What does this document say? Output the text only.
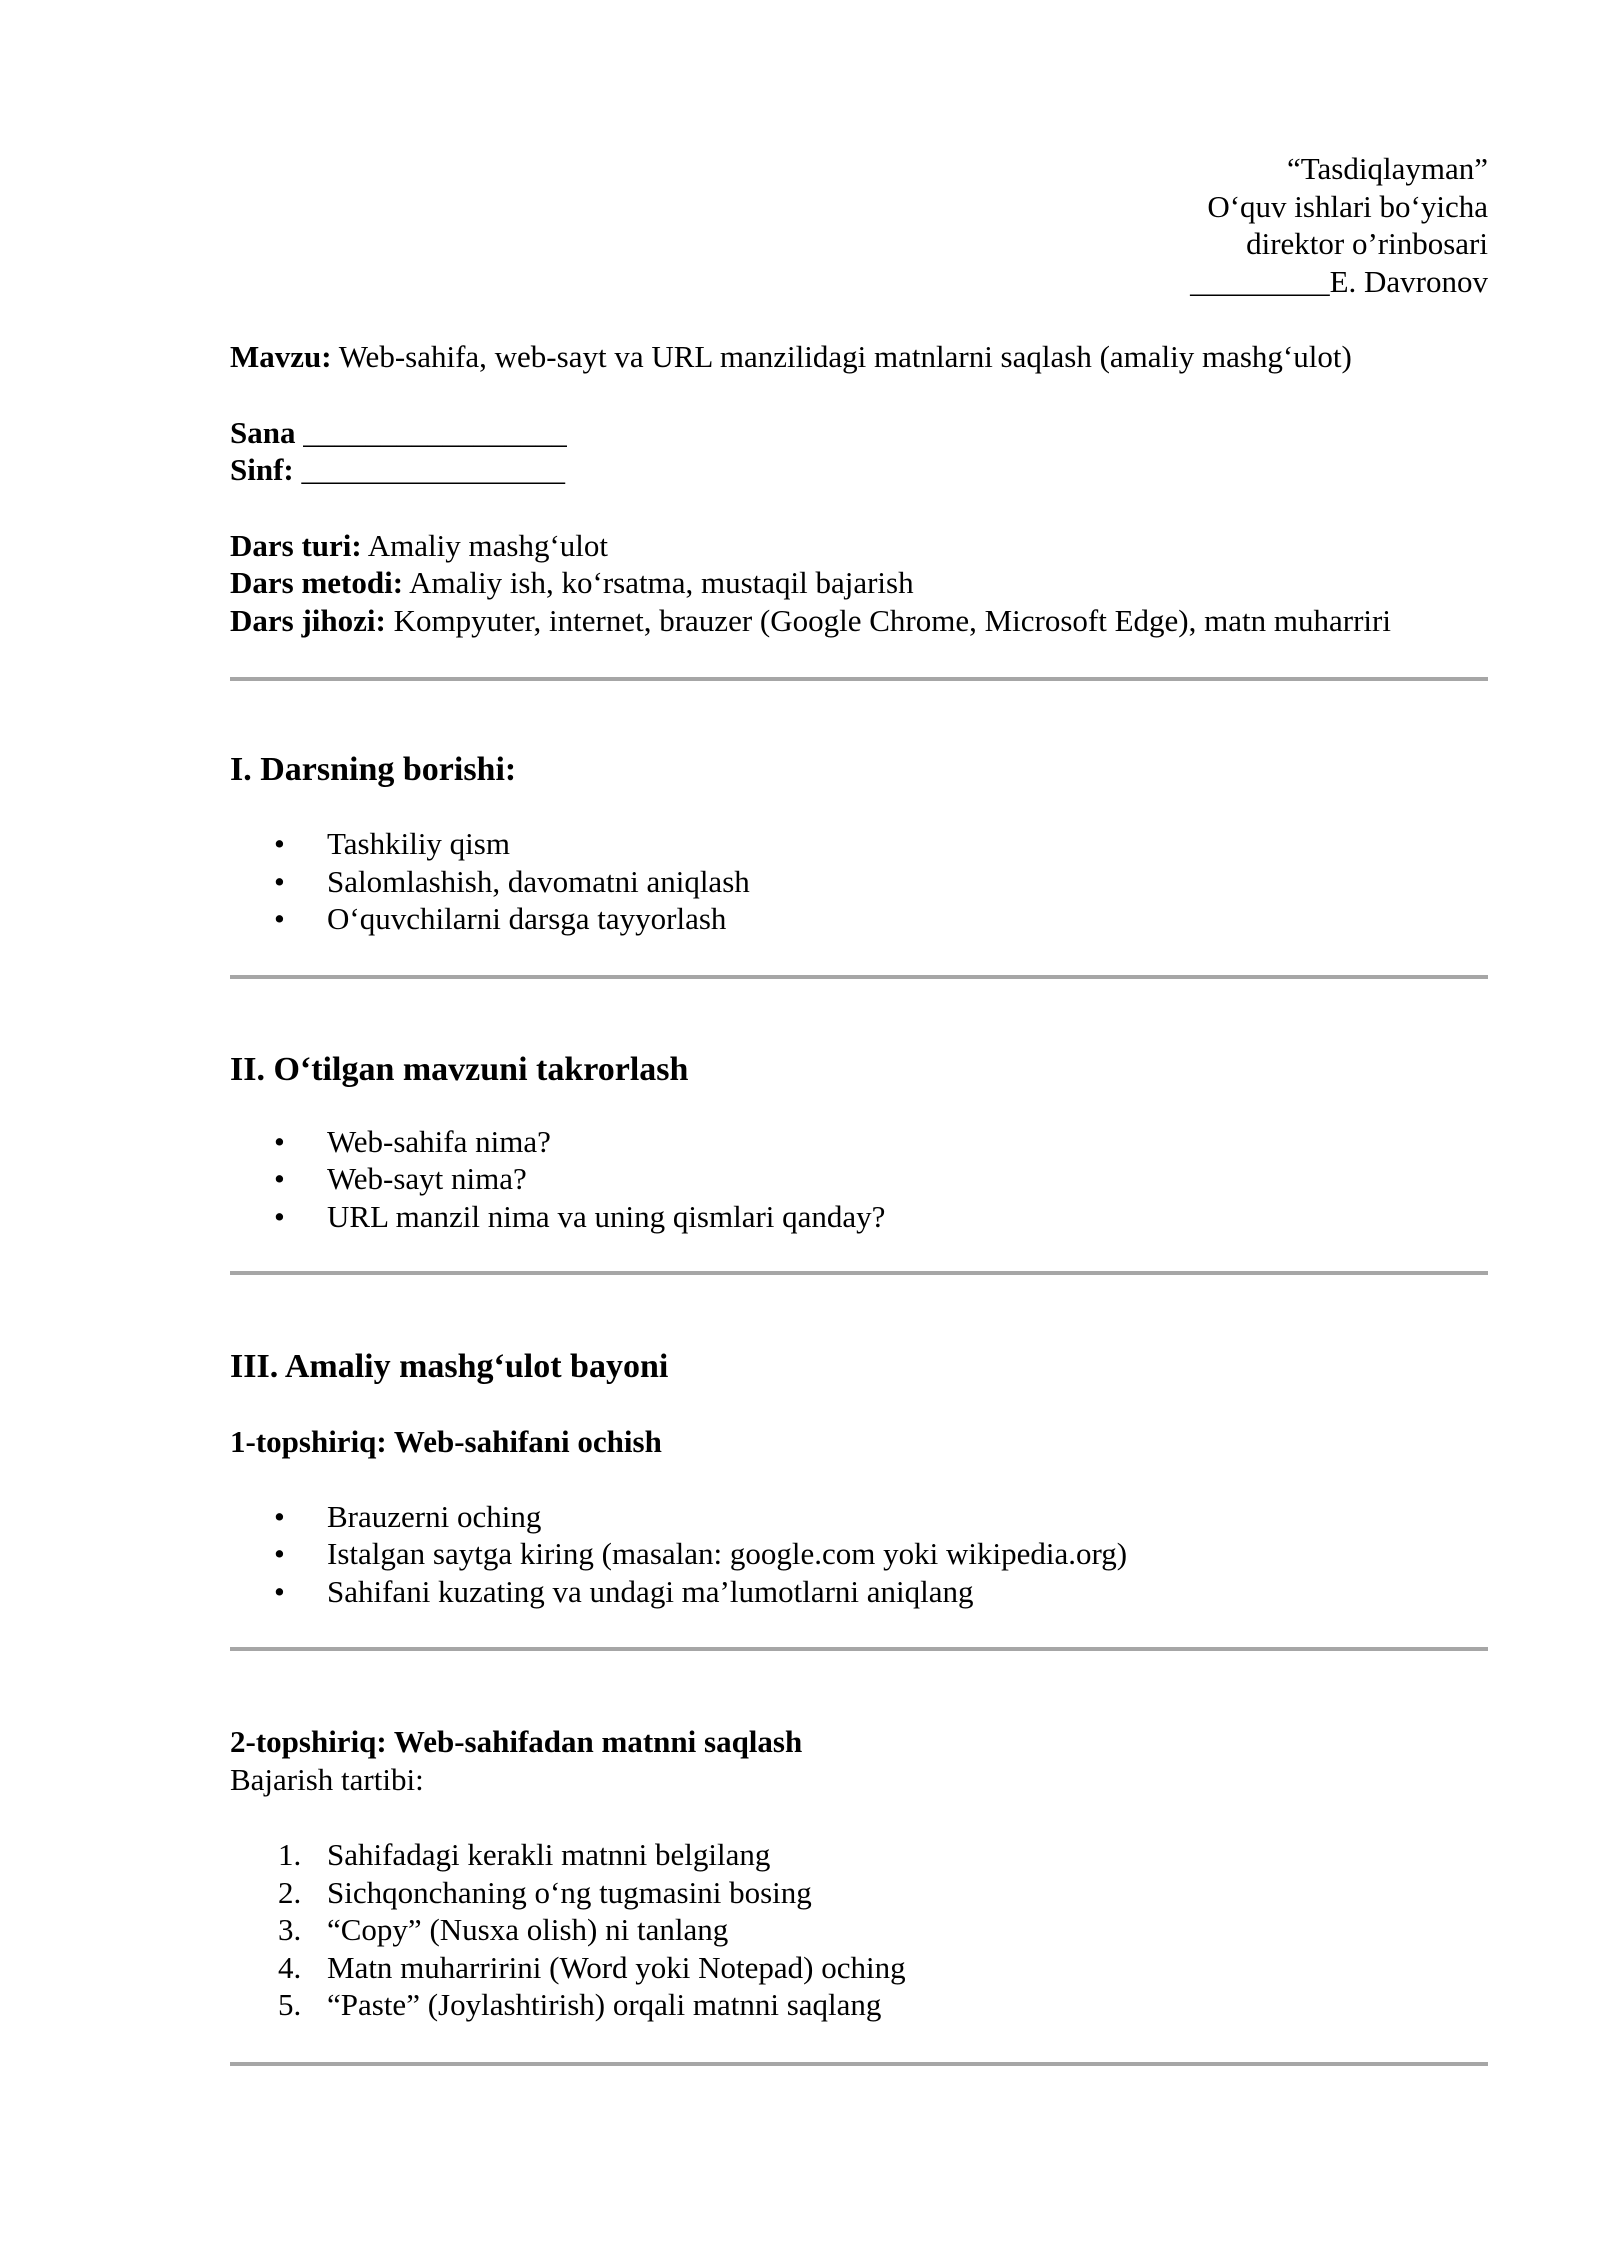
“Tasdiqlayman”
O‘quv ishlari bo‘yicha
direktor o’rinbosari
_________E. Davronov
Mavzu: Web-sahifa, web-sayt va URL manzilidagi matnlarni saqlash (amaliy mashg‘ulot)
Sana _________________
Sinf: _________________
Dars turi: Amaliy mashg‘ulot
Dars metodi: Amaliy ish, ko‘rsatma, mustaqil bajarish
Dars jihozi: Kompyuter, internet, brauzer (Google Chrome, Microsoft Edge), matn muharriri
I. Darsning borishi:
• Tashkiliy qism
• Salomlashish, davomatni aniqlash
• O‘quvchilarni darsga tayyorlash
II. O‘tilgan mavzuni takrorlash
• Web-sahifa nima?
• Web-sayt nima?
• URL manzil nima va uning qismlari qanday?
III. Amaliy mashg‘ulot bayoni
1-topshiriq: Web-sahifani ochish
• Brauzerni oching
• Istalgan saytga kiring (masalan: google.com yoki wikipedia.org)
• Sahifani kuzating va undagi ma’lumotlarni aniqlang
2-topshiriq: Web-sahifadan matnni saqlash
Bajarish tartibi:
1. Sahifadagi kerakli matnni belgilang
2. Sichqonchaning o‘ng tugmasini bosing
3. “Copy” (Nusxa olish) ni tanlang
4. Matn muharririni (Word yoki Notepad) oching
5. “Paste” (Joylashtirish) orqali matnni saqlang
